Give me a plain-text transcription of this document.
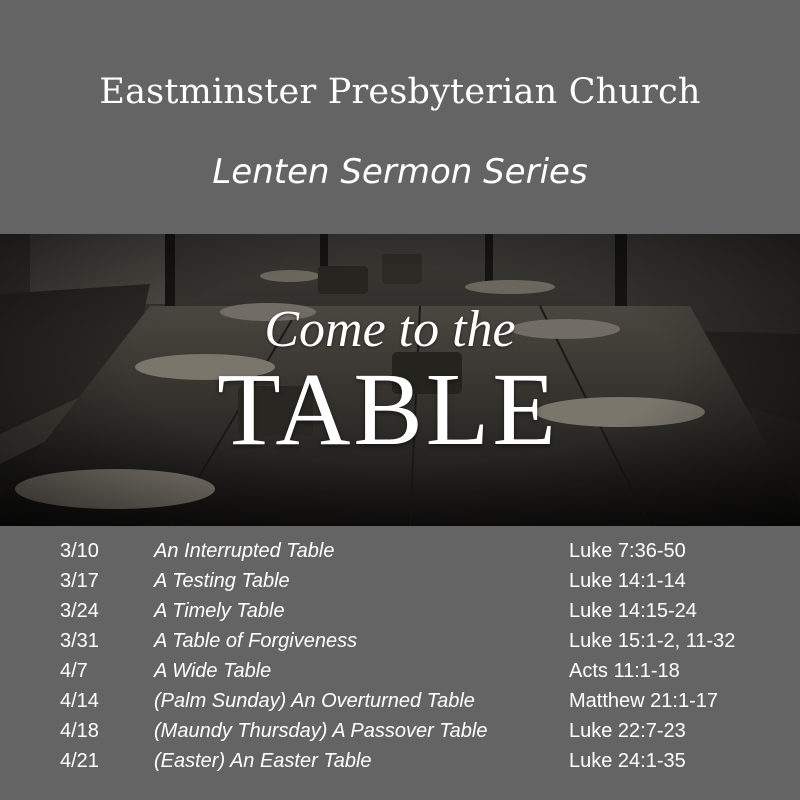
Eastminster Presbyterian Church
Lenten Sermon Series
Come to the
TABLE
3/10	An Interrupted Table	Luke 7:36-50
3/17	A Testing Table	Luke 14:1-14
3/24	A Timely Table	Luke 14:15-24
3/31	A Table of Forgiveness	Luke 15:1-2, 11-32
4/7	A Wide Table	Acts 11:1-18
4/14	(Palm Sunday) An Overturned Table	Matthew 21:1-17
4/18	(Maundy Thursday) A Passover Table	Luke 22:7-23
4/21	(Easter) An Easter Table	Luke 24:1-35
